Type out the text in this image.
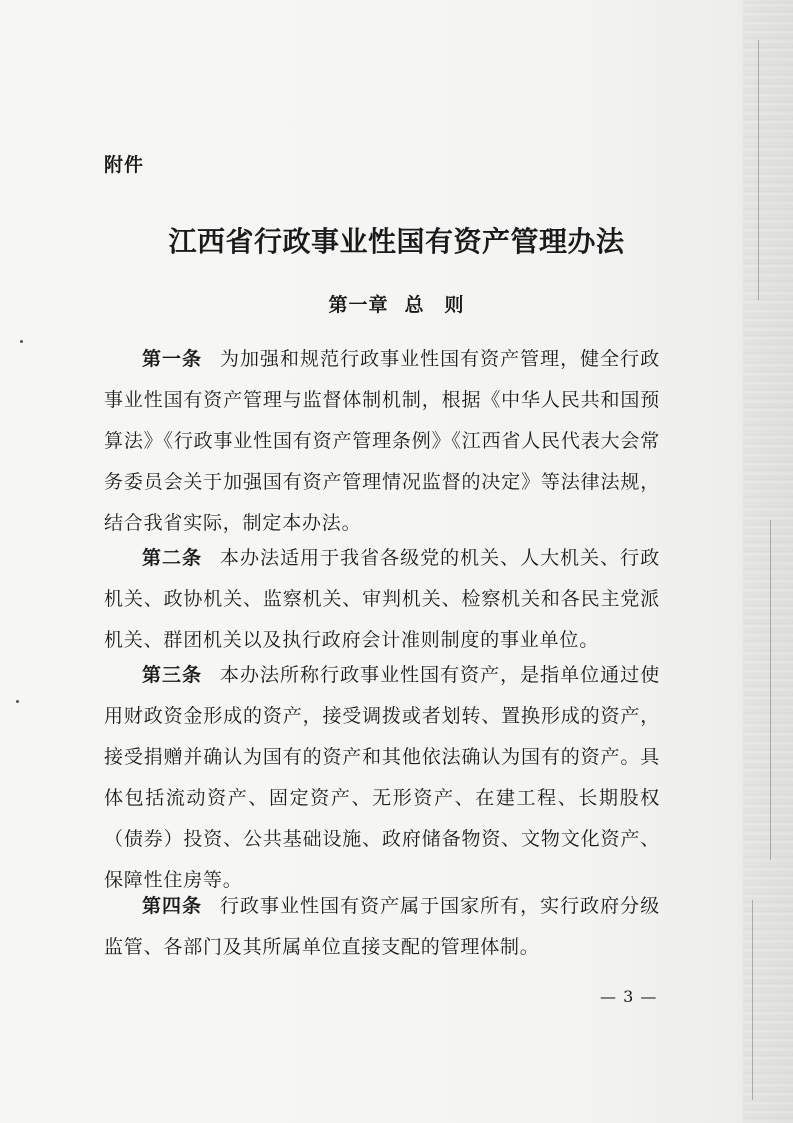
附件
江西省行政事业性国有资产管理办法
第一章 总　则

第一条 为加强和规范行政事业性国有资产管理，健全行政事业性国有资产管理与监督体制机制，根据《中华人民共和国预算法》《行政事业性国有资产管理条例》《江西省人民代表大会常务委员会关于加强国有资产管理情况监督的决定》等法律法规，结合我省实际，制定本办法。

第二条 本办法适用于我省各级党的机关、人大机关、行政机关、政协机关、监察机关、审判机关、检察机关和各民主党派机关、群团机关以及执行政府会计准则制度的事业单位。

第三条 本办法所称行政事业性国有资产，是指单位通过使用财政资金形成的资产，接受调拨或者划转、置换形成的资产，接受捐赠并确认为国有的资产和其他依法确认为国有的资产。具体包括流动资产、固定资产、无形资产、在建工程、长期股权（债券）投资、公共基础设施、政府储备物资、文物文化资产、保障性住房等。

第四条 行政事业性国有资产属于国家所有，实行政府分级监管、各部门及其所属单位直接支配的管理体制。

— 3 —
